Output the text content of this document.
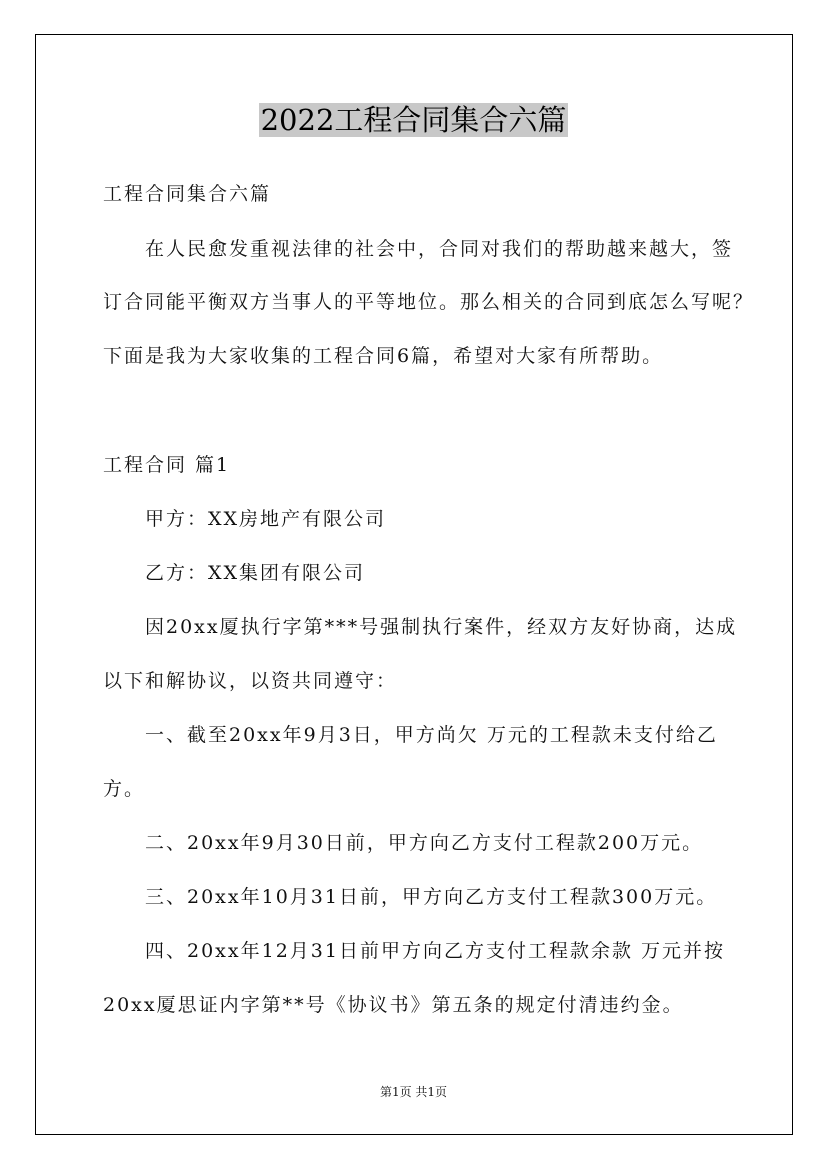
2022工程合同集合六篇
工程合同集合六篇
在人民愈发重视法律的社会中，合同对我们的帮助越来越大，签
订合同能平衡双方当事人的平等地位。那么相关的合同到底怎么写呢？
下面是我为大家收集的工程合同6篇，希望对大家有所帮助。
工程合同 篇1
甲方：XX房地产有限公司
乙方：XX集团有限公司
因20xx厦执行字第***号强制执行案件，经双方友好协商，达成
以下和解协议，以资共同遵守：
一、截至20xx年9月3日，甲方尚欠 万元的工程款未支付给乙
方。
二、20xx年9月30日前，甲方向乙方支付工程款200万元。
三、20xx年10月31日前，甲方向乙方支付工程款300万元。
四、20xx年12月31日前甲方向乙方支付工程款余款 万元并按
20xx厦思证内字第**号《协议书》第五条的规定付清违约金。
第1页 共1页
